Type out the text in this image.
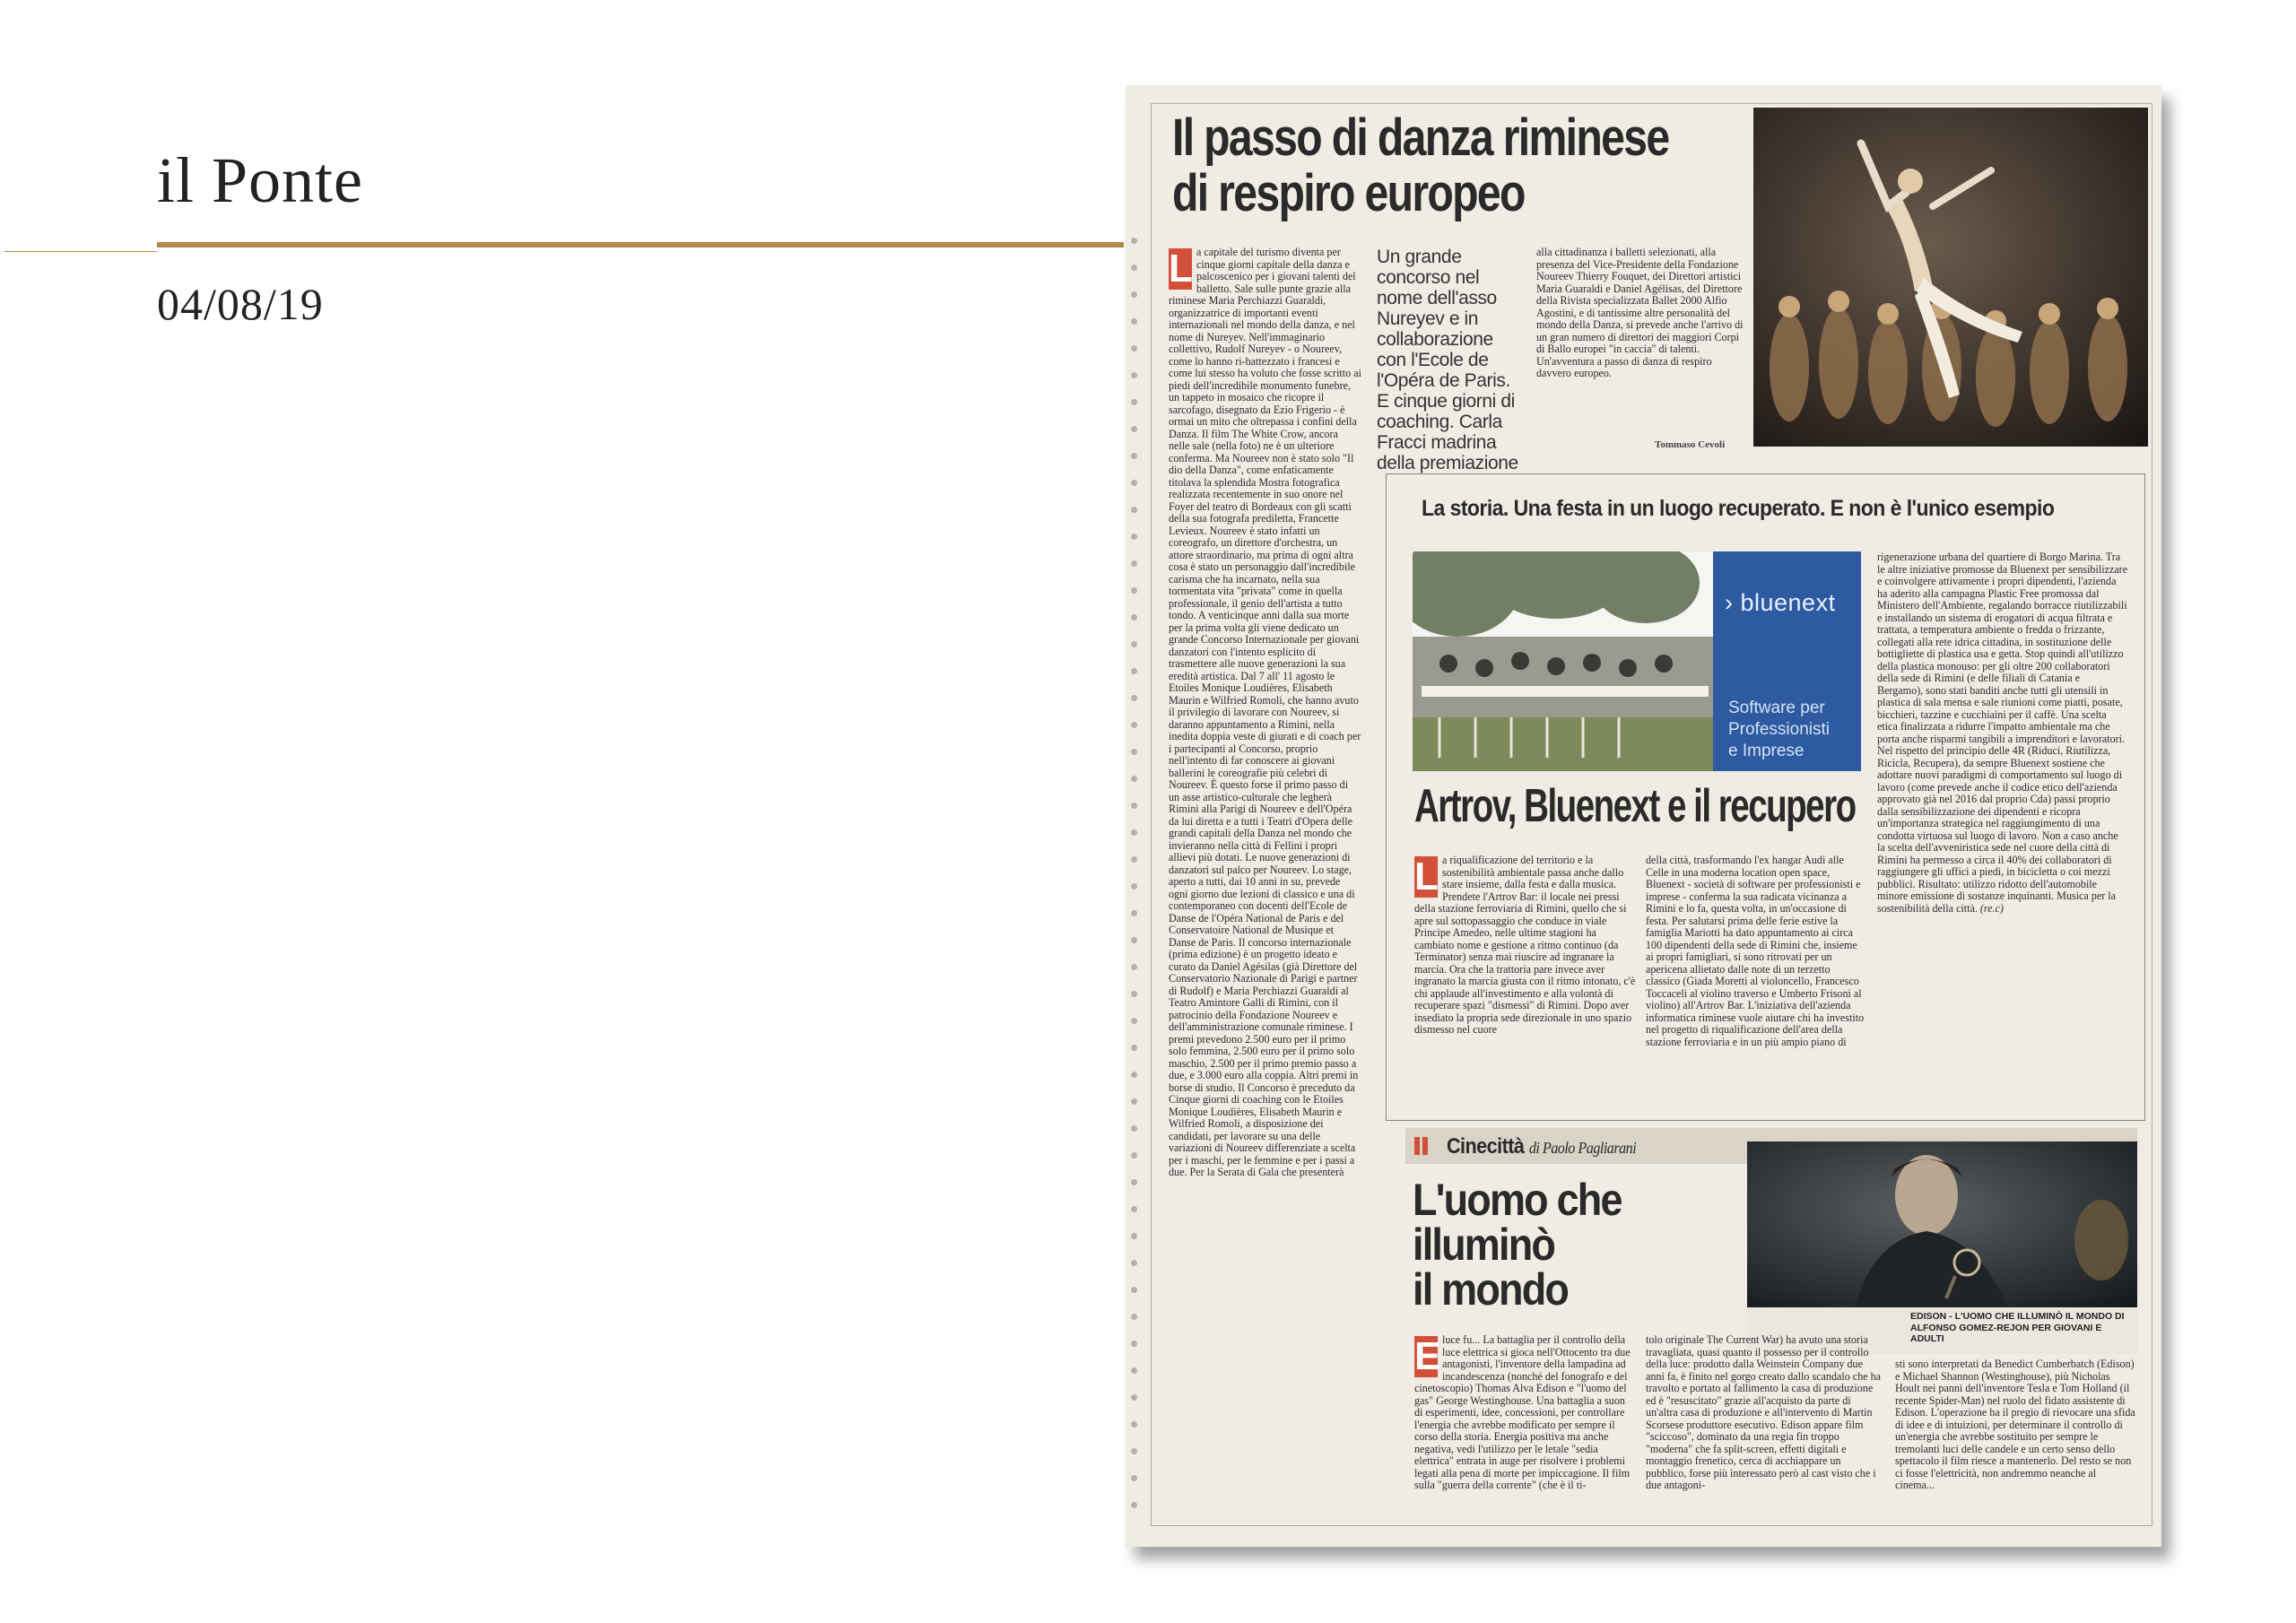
il Ponte
04/08/19
Il passo di danza riminese
di respiro europeo
L a capitale del turismo diventa per cinque giorni capitale della danza e palcoscenico per i giovani talenti del balletto. Sale sulle punte grazie alla riminese Maria Perchiazzi Guaraldi, organizzatrice di importanti eventi internazionali nel mondo della danza, e nel nome di Nureyev. Nell'immaginario collettivo, Rudolf Nureyev - o Noureev, come lo hanno ri-battezzato i francesi e come lui stesso ha voluto che fosse scritto ai piedi dell'incredibile monumento funebre, un tappeto in mosaico che ricopre il sarcofago, disegnato da Ezio Frigerio - è ormai un mito che oltrepassa i confini della Danza. Il film The White Crow, ancora nelle sale (nella foto) ne è un ulteriore conferma. Ma Noureev non è stato solo "Il dio della Danza", come enfaticamente titolava la splendida Mostra fotografica realizzata recentemente in suo onore nel Foyer del teatro di Bordeaux con gli scatti della sua fotografa prediletta, Francette Levieux. Noureev è stato infatti un coreografo, un direttore d'orchestra, un attore straordinario, ma prima di ogni altra cosa è stato un personaggio dall'incredibile carisma che ha incarnato, nella sua tormentata vita "privata" come in quella professionale, il genio dell'artista a tutto tondo. A venticinque anni dalla sua morte per la prima volta gli viene dedicato un grande Concorso Internazionale per giovani danzatori con l'intento esplicito di trasmettere alle nuove generazioni la sua eredità artistica. Dal 7 all' 11 agosto le Etoiles Monique Loudières, Elisabeth Maurin e Wilfried Romoli, che hanno avuto il privilegio di lavorare con Noureev, si daranno appuntamento a Rimini, nella inedita doppia veste di giurati e di coach per i partecipanti al Concorso, proprio nell'intento di far conoscere ai giovani ballerini le coreografie più celebri di Noureev. È questo forse il primo passo di un asse artistico-culturale che legherà Rimini alla Parigi di Noureev e dell'Opéra da lui diretta e a tutti i Teatri d'Opera delle grandi capitali della Danza nel mondo che invieranno nella città di Fellini i propri allievi più dotati. Le nuove generazioni di danzatori sul palco per Noureev. Lo stage, aperto a tutti, dai 10 anni in su, prevede ogni giorno due lezioni di classico e una di contemporaneo con docenti dell'Ecole de Danse de l'Opéra National de Paris e del Conservatoire National de Musique et Danse de Paris. Il concorso internazionale (prima edizione) è un progetto ideato e curato da Daniel Agésilas (già Direttore del Conservatorio Nazionale di Parigi e partner di Rudolf) e Maria Perchiazzi Guaraldi al Teatro Amintore Galli di Rimini, con il patrocinio della Fondazione Noureev e dell'amministrazione comunale riminese. I premi prevedono 2.500 euro per il primo solo femmina, 2.500 euro per il primo solo maschio, 2.500 per il primo premio passo a due, e 3.000 euro alla coppia. Altri premi in borse di studio. Il Concorso è preceduto da Cinque giorni di coaching con le Etoiles Monique Loudières, Elisabeth Maurin e Wilfried Romoli, a disposizione dei candidati, per lavorare su una delle variazioni di Noureev differenziate a scelta per i maschi, per le femmine e per i passi a due. Per la Serata di Gala che presenterà

Un grande concorso nel nome dell'asso Nureyev e in collaborazione con l'Ecole de l'Opéra de Paris. E cinque giorni di coaching. Carla Fracci madrina della premiazione

alla cittadinanza i balletti selezionati, alla presenza del Vice-Presidente della Fondazione Noureev Thierry Fouquet, dei Direttori artistici Maria Guaraldi e Daniel Agélisas, del Direttore della Rivista specializzata Ballet 2000 Alfio Agostini, e di tantissime altre personalità del mondo della Danza, si prevede anche l'arrivo di un gran numero di direttori dei maggiori Corpi di Ballo europei "in caccia" di talenti. Un'avventura a passo di danza di respiro davvero europeo.

Tommaso Cevoli
La storia. Una festa in un luogo recuperato. E non è l'unico esempio
› bluenext
Software per
Professionisti
e Imprese
Artrov, Bluenext e il recupero
L a riqualificazione del territorio e la sostenibilità ambientale passa anche dallo stare insieme, dalla festa e dalla musica. Prendete l'Artrov Bar: il locale nei pressi della stazione ferroviaria di Rimini, quello che si apre sul sottopassaggio che conduce in viale Principe Amedeo, nelle ultime stagioni ha cambiato nome e gestione a ritmo continuo (da Terminator) senza mai riuscire ad ingranare la marcia. Ora che la trattoria pare invece aver ingranato la marcia giusta con il ritmo intonato, c'è chi applaude all'investimento e alla volontà di recuperare spazi "dismessi" di Rimini. Dopo aver insediato la propria sede direzionale in uno spazio dismesso nel cuore

della città, trasformando l'ex hangar Audi alle Celle in una moderna location open space, Bluenext - società di software per professionisti e imprese - conferma la sua radicata vicinanza a Rimini e lo fa, questa volta, in un'occasione di festa. Per salutarsi prima delle ferie estive la famiglia Mariotti ha dato appuntamento ai circa 100 dipendenti della sede di Rimini che, insieme ai propri famigliari, si sono ritrovati per un apericena allietato dalle note di un terzetto classico (Giada Moretti al violoncello, Francesco Toccaceli al violino traverso e Umberto Frisoni al violino) all'Artrov Bar. L'iniziativa dell'azienda informatica riminese vuole aiutare chi ha investito nel progetto di riqualificazione dell'area della stazione ferroviaria e in un più ampio piano di

rigenerazione urbana del quartiere di Borgo Marina. Tra le altre iniziative promosse da Bluenext per sensibilizzare e coinvolgere attivamente i propri dipendenti, l'azienda ha aderito alla campagna Plastic Free promossa dal Ministero dell'Ambiente, regalando borracce riutilizzabili e installando un sistema di erogatori di acqua filtrata e trattata, a temperatura ambiente o fredda o frizzante, collegati alla rete idrica cittadina, in sostituzione delle bottigliette di plastica usa e getta. Stop quindi all'utilizzo della plastica monouso: per gli oltre 200 collaboratori della sede di Rimini (e delle filiali di Catania e Bergamo), sono stati banditi anche tutti gli utensili in plastica di sala mensa e sale riunioni come piatti, posate, bicchieri, tazzine e cucchiaini per il caffè. Una scelta etica finalizzata a ridurre l'impatto ambientale ma che porta anche risparmi tangibili a imprenditori e lavoratori. Nel rispetto del principio delle 4R (Riduci, Riutilizza, Ricicla, Recupera), da sempre Bluenext sostiene che adottare nuovi paradigmi di comportamento sul luogo di lavoro (come prevede anche il codice etico dell'azienda approvato già nel 2016 dal proprio Cda) passi proprio dalla sensibilizzazione dei dipendenti e ricopra un'importanza strategica nel raggiungimento di una condotta virtuosa sul luogo di lavoro. Non a caso anche la scelta dell'avveniristica sede nel cuore della città di Rimini ha permesso a circa il 40% dei collaboratori di raggiungere gli uffici a piedi, in bicicletta o coi mezzi pubblici. Risultato: utilizzo ridotto dell'automobile minore emissione di sostanze inquinanti. Musica per la sostenibilità della città. (re.c)

Cinecittà di Paolo Pagliarani
L'uomo che
illuminò
il mondo
EDISON - L'UOMO CHE ILLUMINÒ IL MONDO DI ALFONSO GOMEZ-REJON PER GIOVANI E ADULTI
E luce fu... La battaglia per il controllo della luce elettrica si gioca nell'Ottocento tra due antagonisti, l'inventore della lampadina ad incandescenza (nonché del fonografo e del cinetoscopio) Thomas Alva Edison e "l'uomo del gas" George Westinghouse. Una battaglia a suon di esperimenti, idee, concessioni, per controllare l'energia che avrebbe modificato per sempre il corso della storia. Energia positiva ma anche negativa, vedi l'utilizzo per le letale "sedia elettrica" entrata in auge per risolvere i problemi legati alla pena di morte per impiccagione. Il film sulla "guerra della corrente" (che è il ti-

tolo originale The Current War) ha avuto una storia travagliata, quasi quanto il possesso per il controllo della luce: prodotto dalla Weinstein Company due anni fa, è finito nel gorgo creato dallo scandalo che ha travolto e portato al fallimento la casa di produzione ed è "resuscitato" grazie all'acquisto da parte di un'altra casa di produzione e all'intervento di Martin Scorsese produttore esecutivo. Edison appare film "sciccoso", dominato da una regia fin troppo "moderna" che fa split-screen, effetti digitali e montaggio frenetico, cerca di acchiappare un pubblico, forse più interessato però al cast visto che i due antagoni-

sti sono interpretati da Benedict Cumberbatch (Edison) e Michael Shannon (Westinghouse), più Nicholas Hoult nei panni dell'inventore Tesla e Tom Holland (il recente Spider-Man) nel ruolo del fidato assistente di Edison. L'operazione ha il pregio di rievocare una sfida di idee e di intuizioni, per determinare il controllo di un'energia che avrebbe sostituito per sempre le tremolanti luci delle candele e un certo senso dello spettacolo il film riesce a mantenerlo. Del resto se non ci fosse l'elettricità, non andremmo neanche al cinema...
